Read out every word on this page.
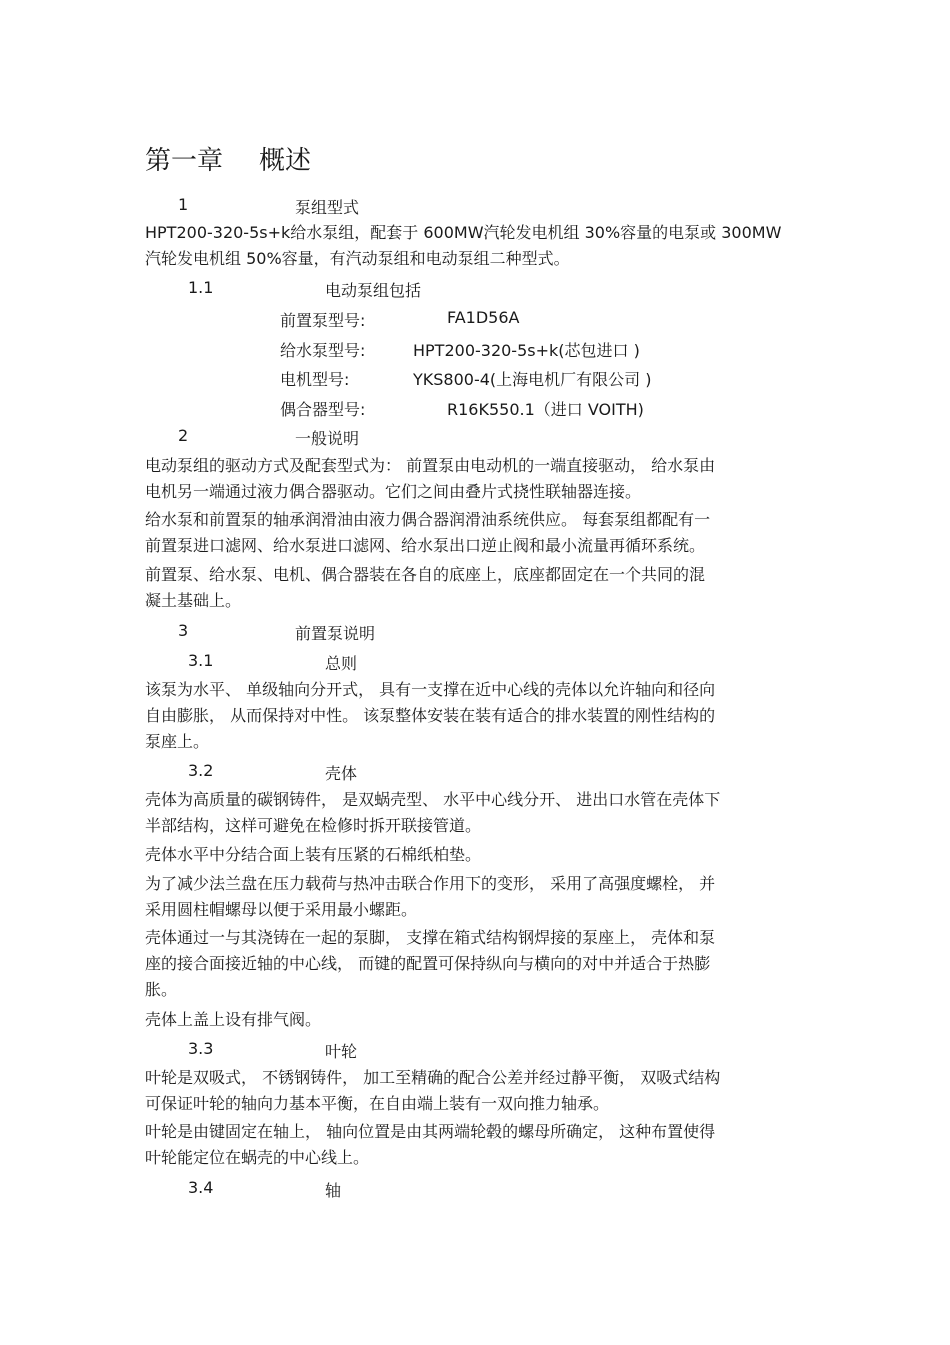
第一章 概述
1	泵组型式
HPT200-320-5s+k给水泵组，配套于 600MW汽轮发电机组 30%容量的电泵或 300MW
汽轮发电机组 50%容量，有汽动泵组和电动泵组二种型式。
1.1	电动泵组包括
前置泵型号:	FA1D56A
给水泵型号:	HPT200-320-5s+k(芯包进口 )
电机型号:	YKS800-4(上海电机厂有限公司 )
偶合器型号:	R16K550.1（进口 VOITH)
2	一般说明
电动泵组的驱动方式及配套型式为： 前置泵由电动机的一端直接驱动， 给水泵由
电机另一端通过液力偶合器驱动。它们之间由叠片式挠性联轴器连接。
给水泵和前置泵的轴承润滑油由液力偶合器润滑油系统供应。 每套泵组都配有一
前置泵进口滤网、给水泵进口滤网、给水泵出口逆止阀和最小流量再循环系统。
前置泵、给水泵、电机、偶合器装在各自的底座上，底座都固定在一个共同的混
凝土基础上。
3	前置泵说明
3.1	总则
该泵为水平、 单级轴向分开式， 具有一支撑在近中心线的壳体以允许轴向和径向
自由膨胀， 从而保持对中性。 该泵整体安装在装有适合的排水装置的刚性结构的
泵座上。
3.2	壳体
壳体为高质量的碳钢铸件， 是双蜗壳型、 水平中心线分开、 进出口水管在壳体下
半部结构，这样可避免在检修时拆开联接管道。
壳体水平中分结合面上装有压紧的石棉纸柏垫。
为了减少法兰盘在压力载荷与热冲击联合作用下的变形， 采用了高强度螺栓， 并
采用圆柱帽螺母以便于采用最小螺距。
壳体通过一与其浇铸在一起的泵脚， 支撑在箱式结构钢焊接的泵座上， 壳体和泵
座的接合面接近轴的中心线， 而键的配置可保持纵向与横向的对中并适合于热膨
胀。
壳体上盖上设有排气阀。
3.3	叶轮
叶轮是双吸式， 不锈钢铸件， 加工至精确的配合公差并经过静平衡， 双吸式结构
可保证叶轮的轴向力基本平衡，在自由端上装有一双向推力轴承。
叶轮是由键固定在轴上， 轴向位置是由其两端轮毂的螺母所确定， 这种布置使得
叶轮能定位在蜗壳的中心线上。
3.4	轴
